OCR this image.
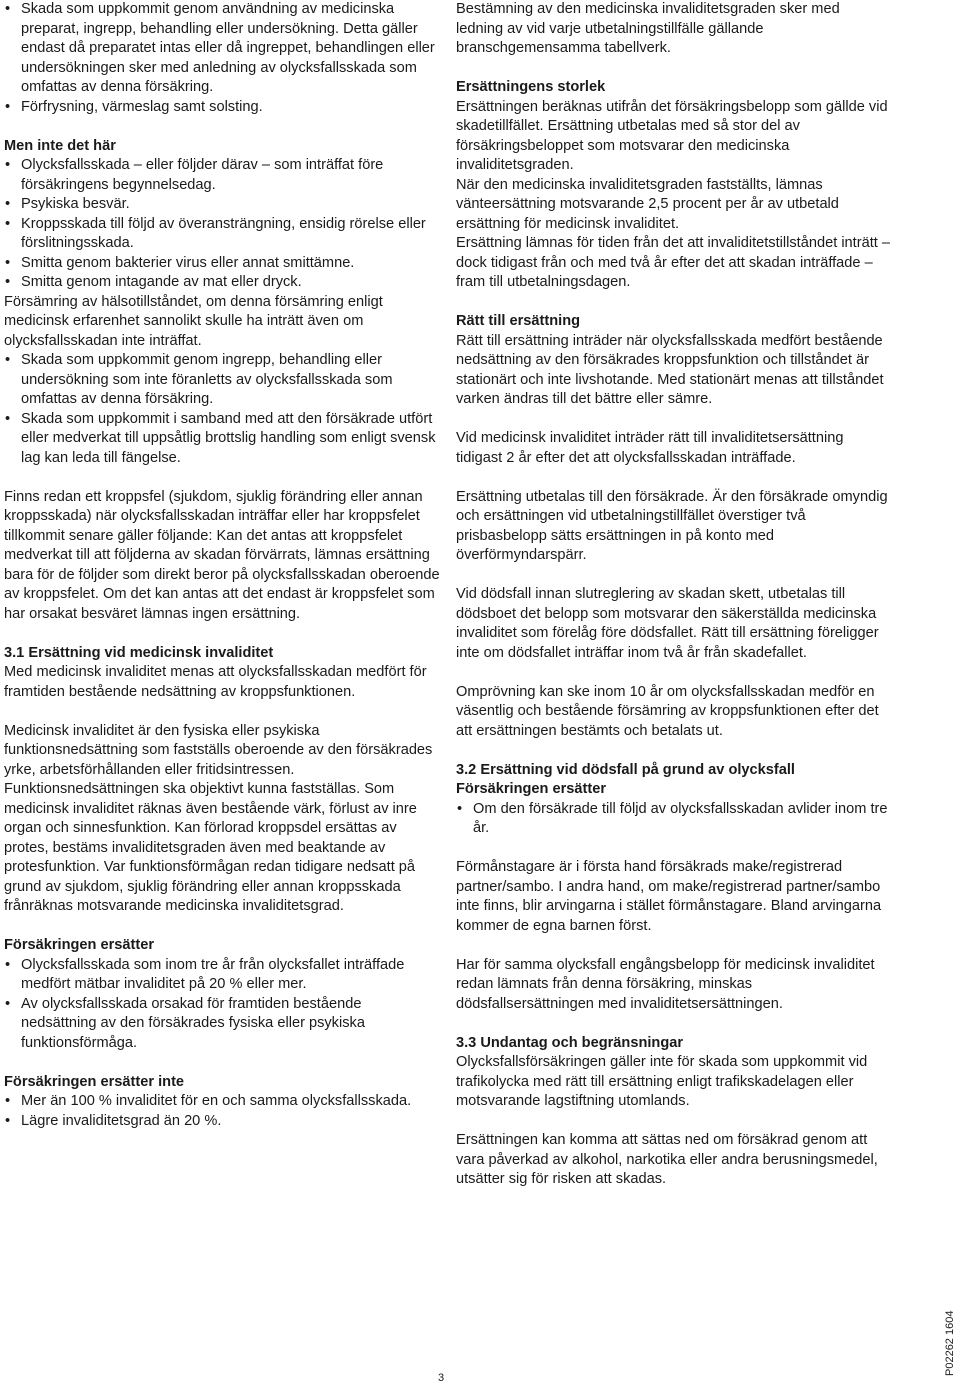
• Skada som uppkommit genom användning av medicinska preparat, ingrepp, behandling eller undersökning. Detta gäller endast då preparatet intas eller då ingreppet, behandlingen eller undersökningen sker med anledning av olycksfallsskada som omfattas av denna försäkring.
• Förfrysning, värmeslag samt solsting.

Men inte det här

• Olycksfallsskada – eller följder därav – som inträffat före försäkringens begynnelsedag.
• Psykiska besvär.
• Kroppsskada till följd av överansträngning, ensidig rörelse eller förslitningsskada.
• Smitta genom bakterier virus eller annat smittämne.
• Smitta genom intagande av mat eller dryck.

Försämring av hälsotillståndet, om denna försämring enligt medicinsk erfarenhet sannolikt skulle ha inträtt även om olycksfallsskadan inte inträffat.

• Skada som uppkommit genom ingrepp, behandling eller undersökning som inte föranletts av olycksfallsskada som omfattas av denna försäkring.
• Skada som uppkommit i samband med att den försäkrade utfört eller medverkat till uppsåtlig brottslig handling som enligt svensk lag kan leda till fängelse.

Finns redan ett kroppsfel (sjukdom, sjuklig förändring eller annan kroppsskada) när olycksfallsskadan inträffar eller har kroppsfelet tillkommit senare gäller följande: Kan det antas att kroppsfelet medverkat till att följderna av skadan förvärrats, lämnas ersättning bara för de följder som direkt beror på olycksfallsskadan oberoende av kroppsfelet. Om det kan antas att det endast är kroppsfelet som har orsakat besväret lämnas ingen ersättning.

3.1 Ersättning vid medicinsk invaliditet

Med medicinsk invaliditet menas att olycksfallsskadan medfört för framtiden bestående nedsättning av kroppsfunktionen.

Medicinsk invaliditet är den fysiska eller psykiska funktionsnedsättning som fastställs oberoende av den försäkrades yrke, arbetsförhållanden eller fritidsintressen. Funktionsnedsättningen ska objektivt kunna fastställas. Som medicinsk invaliditet räknas även bestående värk, förlust av inre organ och sinnesfunktion. Kan förlorad kroppsdel ersättas av protes, bestäms invaliditetsgraden även med beaktande av protesfunktion. Var funktionsförmågan redan tidigare nedsatt på grund av sjukdom, sjuklig förändring eller annan kroppsskada frånräknas motsvarande medicinska invaliditetsgrad.

Försäkringen ersätter

• Olycksfallsskada som inom tre år från olycksfallet inträffade medfört mätbar invaliditet på 20 % eller mer.
• Av olycksfallsskada orsakad för framtiden bestående nedsättning av den försäkrades fysiska eller psykiska funktionsförmåga.

Försäkringen ersätter inte

• Mer än 100 % invaliditet för en och samma olycksfallsskada.
• Lägre invaliditetsgrad än 20 %.

Bestämning av den medicinska invaliditetsgraden sker med ledning av vid varje utbetalningstillfälle gällande branschgemensamma tabellverk.

Ersättningens storlek

Ersättningen beräknas utifrån det försäkringsbelopp som gällde vid skadetillfället. Ersättning utbetalas med så stor del av försäkringsbeloppet som motsvarar den medicinska invaliditetsgraden.

När den medicinska invaliditetsgraden fastställts, lämnas vänteersättning motsvarande 2,5 procent per år av utbetald ersättning för medicinsk invaliditet.

Ersättning lämnas för tiden från det att invaliditetstillståndet inträtt – dock tidigast från och med två år efter det att skadan inträffade – fram till utbetalningsdagen.

Rätt till ersättning

Rätt till ersättning inträder när olycksfallsskada medfört bestående nedsättning av den försäkrades kroppsfunktion och tillståndet är stationärt och inte livshotande. Med stationärt menas att tillståndet varken ändras till det bättre eller sämre.

Vid medicinsk invaliditet inträder rätt till invaliditetsersättning tidigast 2 år efter det att olycksfallsskadan inträffade.

Ersättning utbetalas till den försäkrade. Är den försäkrade omyndig och ersättningen vid utbetalningstillfället överstiger två prisbasbelopp sätts ersättningen in på konto med överförmyndarspärr.

Vid dödsfall innan slutreglering av skadan skett, utbetalas till dödsboet det belopp som motsvarar den säkerställda medicinska invaliditet som förelåg före dödsfallet. Rätt till ersättning föreligger inte om dödsfallet inträffar inom två år från skadefallet.

Omprövning kan ske inom 10 år om olycksfallsskadan medför en väsentlig och bestående försämring av kroppsfunktionen efter det att ersättningen bestämts och betalats ut.

3.2 Ersättning vid dödsfall på grund av olycksfall

Försäkringen ersätter

• Om den försäkrade till följd av olycksfallsskadan avlider inom tre år.

Förmånstagare är i första hand försäkrads make/registrerad partner/sambo. I andra hand, om make/registrerad partner/sambo inte finns, blir arvingarna i stället förmånstagare. Bland arvingarna kommer de egna barnen först.

Har för samma olycksfall engångsbelopp för medicinsk invaliditet redan lämnats från denna försäkring, minskas dödsfallsersättningen med invaliditetsersättningen.

3.3 Undantag och begränsningar

Olycksfallsförsäkringen gäller inte för skada som uppkommit vid trafikolycka med rätt till ersättning enligt trafikskadelagen eller motsvarande lagstiftning utomlands.

Ersättningen kan komma att sättas ned om försäkrad genom att vara påverkad av alkohol, narkotika eller andra berusningsmedel, utsätter sig för risken att skadas.

3
P02262 1604
